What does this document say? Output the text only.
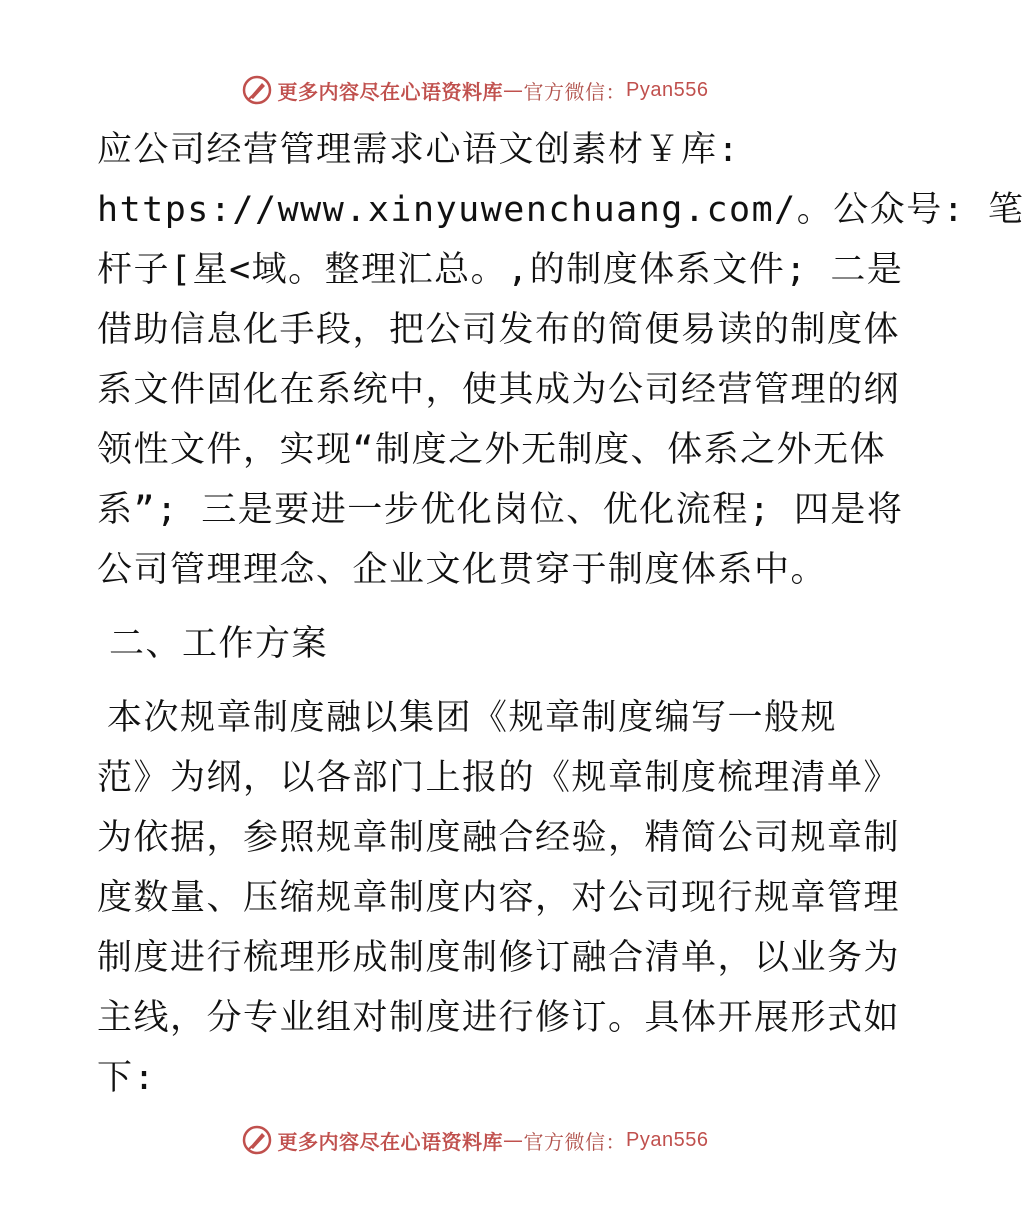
更多内容尽在心语资料库 — 官方微信： Pyan556
应公司经营管理需求心语文创素材￥库:
https://www.xinyuwenchuang.com/。公众号: 笔
杆子[星<域。整理汇总。,的制度体系文件; 二是
借助信息化手段，把公司发布的简便易读的制度体
系文件固化在系统中，使其成为公司经营管理的纲
领性文件，实现“制度之外无制度、体系之外无体
系”; 三是要进一步优化岗位、优化流程; 四是将
公司管理理念、企业文化贯穿于制度体系中。
二、工作方案
本次规章制度融以集团《规章制度编写一般规
范》为纲，以各部门上报的《规章制度梳理清单》
为依据，参照规章制度融合经验，精简公司规章制
度数量、压缩规章制度内容，对公司现行规章管理
制度进行梳理形成制度制修订融合清单，以业务为
主线，分专业组对制度进行修订。具体开展形式如
下:
更多内容尽在心语资料库 — 官方微信： Pyan556
